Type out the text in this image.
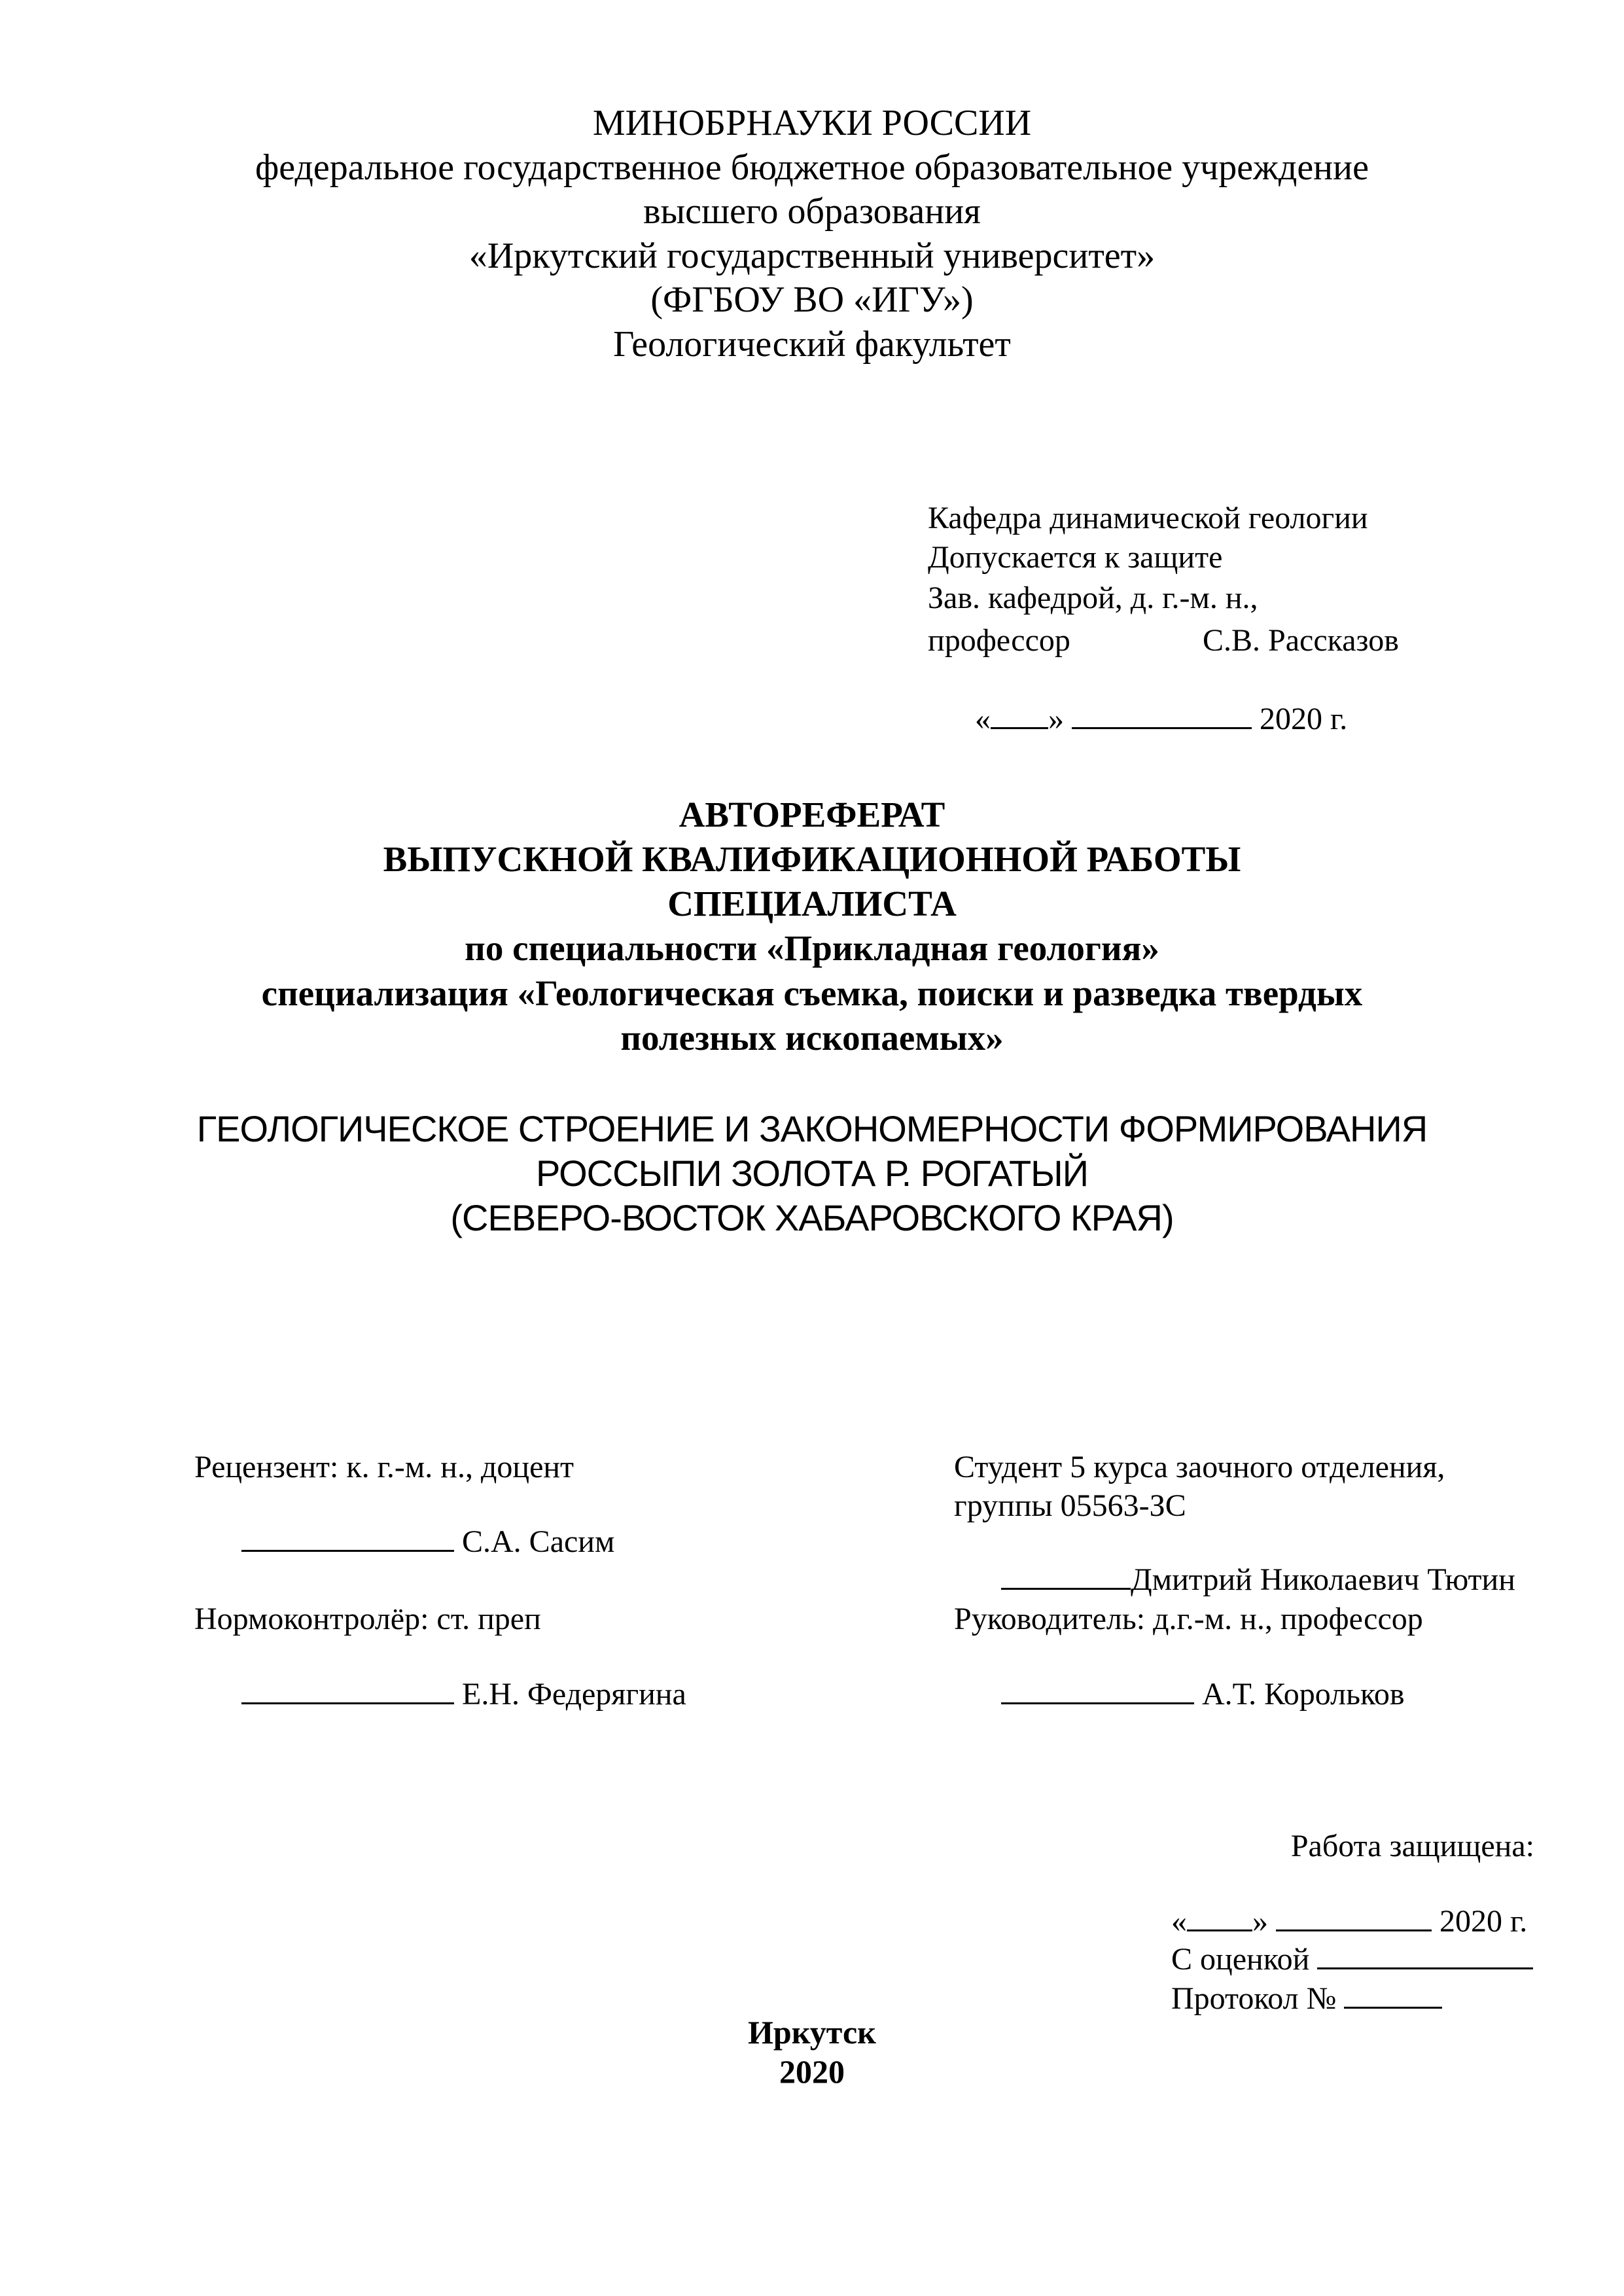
МИНОБРНАУКИ РОССИИ
федеральное государственное бюджетное образовательное учреждение
высшего образования
«Иркутский государственный университет»
(ФГБОУ ВО «ИГУ»)
Геологический факультет
Кафедра динамической геологии
Допускается к защите
Зав. кафедрой, д. г.-м. н.,
профессор	С.В. Рассказов

« »	2020 г.

АВТОРЕФЕРАТ
ВЫПУСКНОЙ КВАЛИФИКАЦИОННОЙ РАБОТЫ
СПЕЦИАЛИСТА
по специальности «Прикладная геология»
специализация «Геологическая съемка, поиски и разведка твердых
полезных ископаемых»
ГЕОЛОГИЧЕСКОЕ СТРОЕНИЕ И ЗАКОНОМЕРНОСТИ ФОРМИРОВАНИЯ
РОССЫПИ ЗОЛОТА Р. РОГАТЫЙ
(СЕВЕРО-ВОСТОК ХАБАРОВСКОГО КРАЯ)
Рецензент: к. г.-м. н., доцент

С.А. Сасим

Нормоконтролёр: ст. преп

Е.Н. Федерягина

Студент 5 курса заочного отделения,
группы 05563-ЗС

Дмитрий Николаевич Тютин

Руководитель: д.г.-м. н., профессор

А.Т. Корольков

Работа защищена:

« »	2020 г.

С оценкой

Протокол №

Иркутск
2020
